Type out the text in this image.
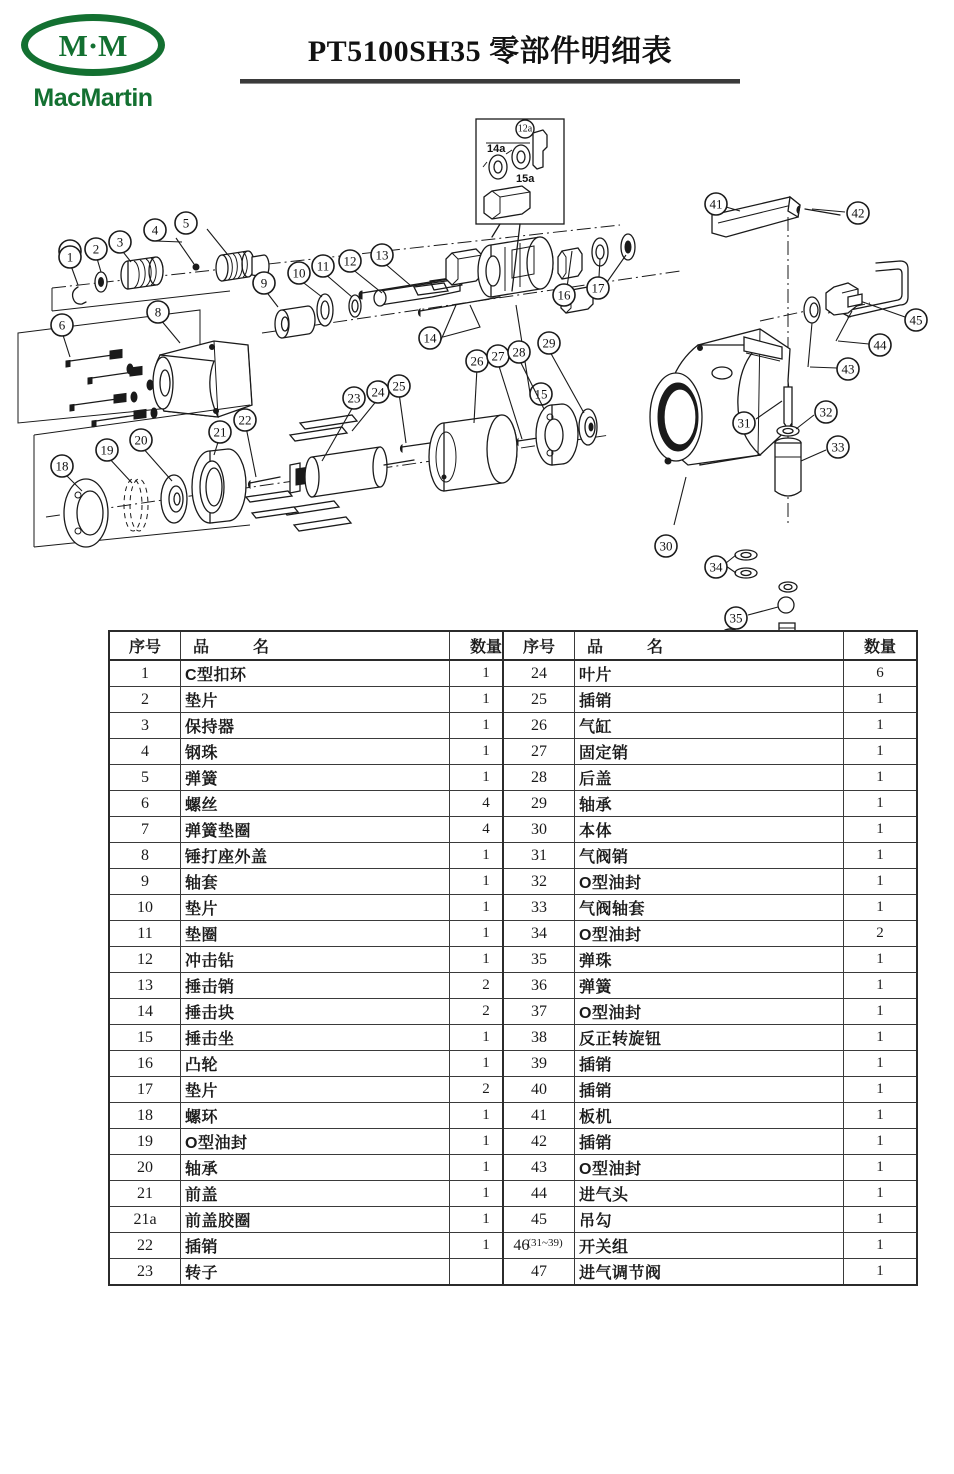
M·M
MacMartin
PT5100SH35 零部件明细表
1
2 3
4 5
6
8
9
10 11 12 13
14
15
16 17
14a
15a
12a
18
19
20
21
22
23 24 25
26 27 28
29
41
42
45
44
43
30
31
32
33
34
35
序号	品　名	数量
1	C型扣环	1
2	垫片	1
3	保持器	1
4	钢珠	1
5	弹簧	1
6	螺丝	4
7	弹簧垫圈	4
8	锤打座外盖	1
9	轴套	1
10	垫片	1
11	垫圈	1
12	冲击钻	1
13	捶击销	2
14	捶击块	2
15	捶击坐	1
16	凸轮	1
17	垫片	2
18	螺环	1
19	O型油封	1
20	轴承	1
21	前盖	1
21a	前盖胶圈	1
22	插销	1
23	转子	
序号	品　名	数量
24	叶片	6
25	插销	1
26	气缸	1
27	固定销	1
28	后盖	1
29	轴承	1
30	本体	1
31	气阀销	1
32	O型油封	1
33	气阀轴套	1
34	O型油封	2
35	弹珠	1
36	弹簧	1
37	O型油封	1
38	反正转旋钮	1
39	插销	1
40	插销	1
41	板机	1
42	插销	1
43	O型油封	1
44	进气头	1
45	吊勾	1
$46^{(31\sim 39)}$	开关组	1
47	进气调节阀	1
